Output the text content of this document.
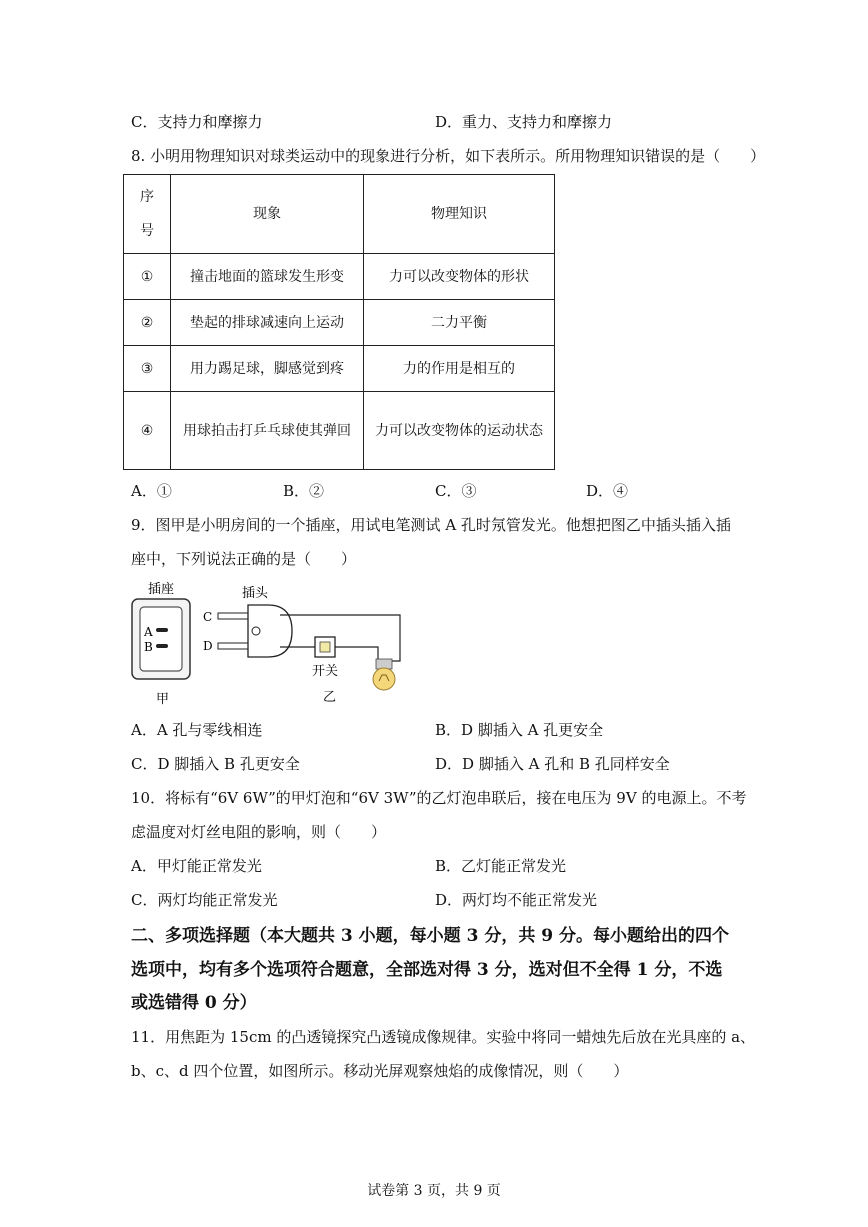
C．支持力和摩擦力	D．重力、支持力和摩擦力
8. 小明用物理知识对球类运动中的现象进行分析，如下表所示。所用物理知识错误的是（　　）
序号	现象	物理知识
①	撞击地面的篮球发生形变	力可以改变物体的形状
②	垫起的排球减速向上运动	二力平衡
③	用力踢足球，脚感觉到疼	力的作用是相互的
④	用球拍击打乒乓球使其弹回	力可以改变物体的运动状态
A．①	B．②	C．③	D．④
9．图甲是小明房间的一个插座，用试电笔测试 A 孔时氖管发光。他想把图乙中插头插入插
座中，下列说法正确的是（　　）
插座
A
B
甲
插头
C
D
开关
乙
A．A 孔与零线相连	B．D 脚插入 A 孔更安全
C．D 脚插入 B 孔更安全	D．D 脚插入 A 孔和 B 孔同样安全
10．将标有“6V 6W”的甲灯泡和“6V 3W”的乙灯泡串联后，接在电压为 9V 的电源上。不考
虑温度对灯丝电阻的影响，则（　　）
A．甲灯能正常发光	B．乙灯能正常发光
C．两灯均能正常发光	D．两灯均不能正常发光
二、多项选择题（本大题共 3 小题，每小题 3 分，共 9 分。每小题给出的四个
选项中，均有多个选项符合题意，全部选对得 3 分，选对但不全得 1 分，不选
或选错得 0 分）
11．用焦距为 15cm 的凸透镜探究凸透镜成像规律。实验中将同一蜡烛先后放在光具座的 a、
b、c、d 四个位置，如图所示。移动光屏观察烛焰的成像情况，则（　　）
试卷第 3 页，共 9 页
